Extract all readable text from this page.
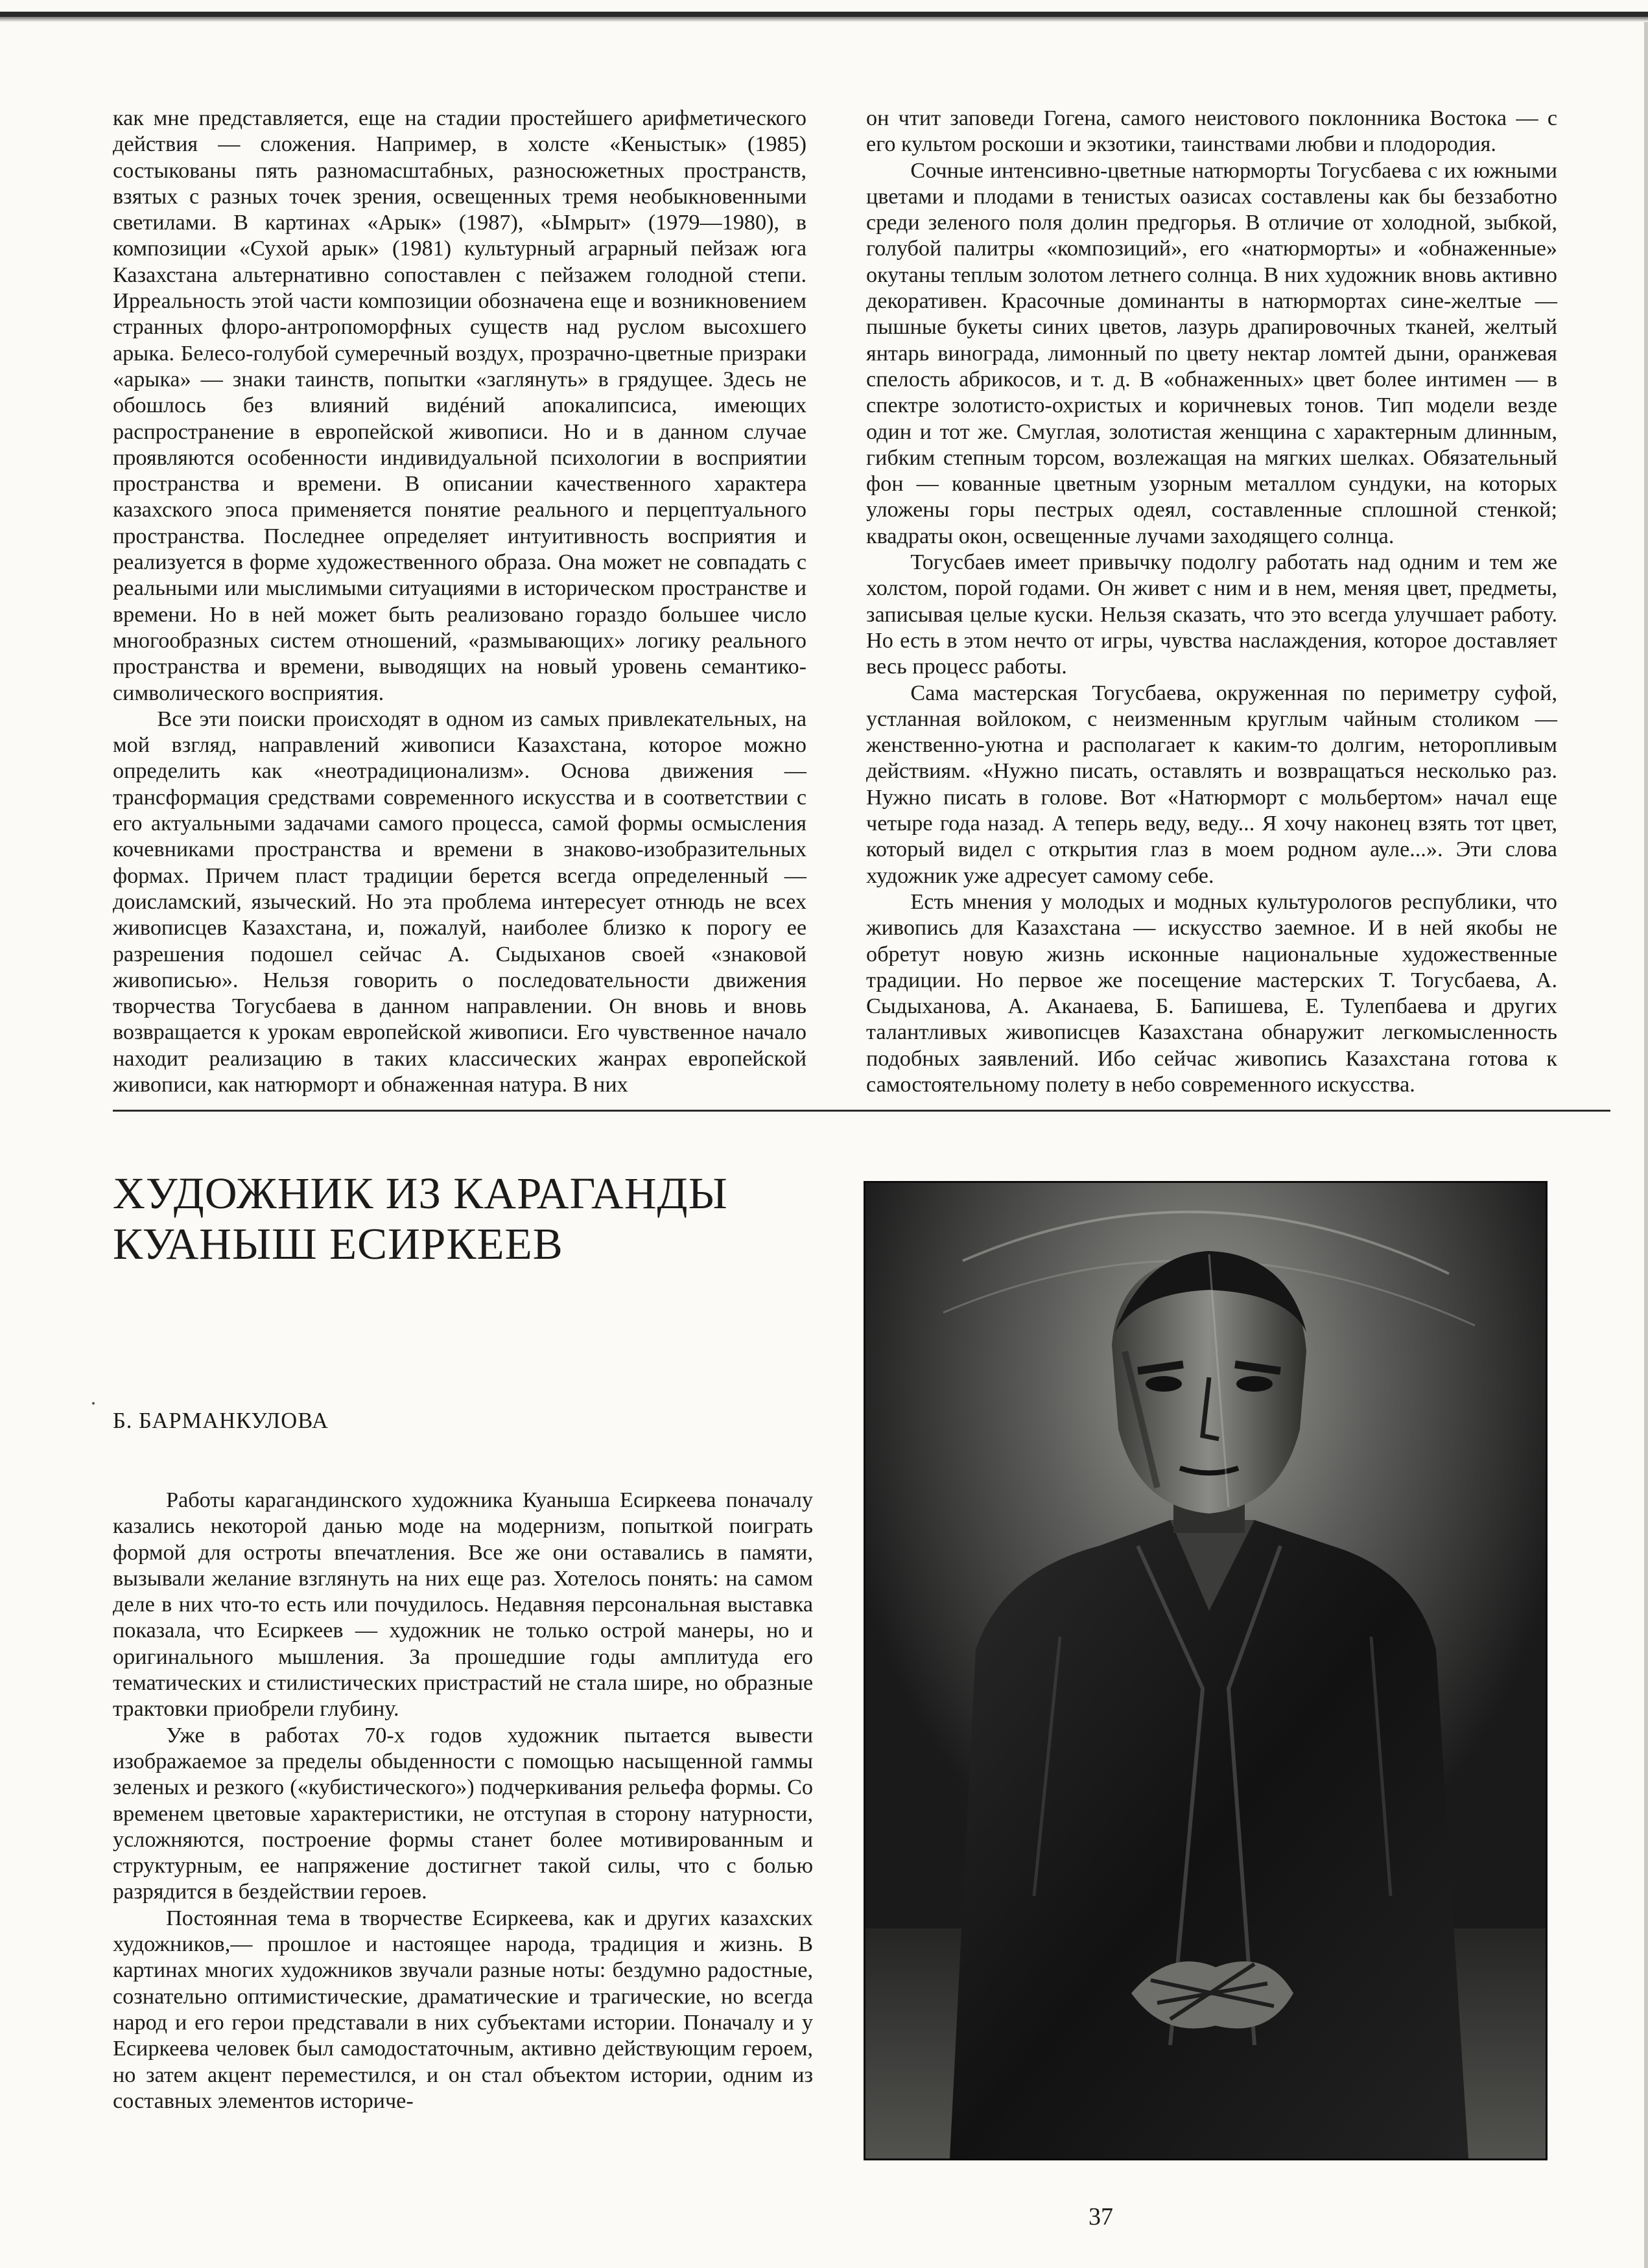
как мне представляется, еще на стадии простейшего арифметического действия — сложения. Например, в холсте «Кеныстык» (1985) состыкованы пять разномасштабных, разносюжетных пространств, взятых с разных точек зрения, освещенных тремя необыкновенными светилами. В картинах «Арык» (1987), «Ымрыт» (1979—1980), в композиции «Сухой арык» (1981) культурный аграрный пейзаж юга Казахстана альтернативно сопоставлен с пейзажем голодной степи. Ирреальность этой части композиции обозначена еще и возникновением странных флоро-антропоморфных существ над руслом высохшего арыка. Белесо-голубой сумеречный воздух, прозрачно-цветные призраки «арыка» — знаки таинств, попытки «заглянуть» в грядущее. Здесь не обошлось без влияний видéний апокалипсиса, имеющих распространение в европейской живописи. Но и в данном случае проявляются особенности индивидуальной психологии в восприятии пространства и времени. В описании качественного характера казахского эпоса применяется понятие реального и перцептуального пространства. Последнее определяет интуитивность восприятия и реализуется в форме художественного образа. Она может не совпадать с реальными или мыслимыми ситуациями в историческом пространстве и времени. Но в ней может быть реализовано гораздо большее число многообразных систем отношений, «размывающих» логику реального пространства и времени, выводящих на новый уровень семантико-символического восприятия.

Все эти поиски происходят в одном из самых привлекательных, на мой взгляд, направлений живописи Казахстана, которое можно определить как «неотрадиционализм». Основа движения — трансформация средствами современного искусства и в соответствии с его актуальными задачами самого процесса, самой формы осмысления кочевниками пространства и времени в знаково-изобразительных формах. Причем пласт традиции берется всегда определенный — доисламский, языческий. Но эта проблема интересует отнюдь не всех живописцев Казахстана, и, пожалуй, наиболее близко к порогу ее разрешения подошел сейчас А. Сыдыханов своей «знаковой живописью». Нельзя говорить о последовательности движения творчества Тогусбаева в данном направлении. Он вновь и вновь возвращается к урокам европейской живописи. Его чувственное начало находит реализацию в таких классических жанрах европейской живописи, как натюрморт и обнаженная натура. В них

он чтит заповеди Гогена, самого неистового поклонника Востока — с его культом роскоши и экзотики, таинствами любви и плодородия.

Сочные интенсивно-цветные натюрморты Тогусбаева с их южными цветами и плодами в тенистых оазисах составлены как бы беззаботно среди зеленого поля долин предгорья. В отличие от холодной, зыбкой, голубой палитры «композиций», его «натюрморты» и «обнаженные» окутаны теплым золотом летнего солнца. В них художник вновь активно декоративен. Красочные доминанты в натюрмортах сине-желтые — пышные букеты синих цветов, лазурь драпировочных тканей, желтый янтарь винограда, лимонный по цвету нектар ломтей дыни, оранжевая спелость абрикосов, и т. д. В «обнаженных» цвет более интимен — в спектре золотисто-охристых и коричневых тонов. Тип модели везде один и тот же. Смуглая, золотистая женщина с характерным длинным, гибким степным торсом, возлежащая на мягких шелках. Обязательный фон — кованные цветным узорным металлом сундуки, на которых уложены горы пестрых одеял, составленные сплошной стенкой; квадраты окон, освещенные лучами заходящего солнца.

Тогусбаев имеет привычку подолгу работать над одним и тем же холстом, порой годами. Он живет с ним и в нем, меняя цвет, предметы, записывая целые куски. Нельзя сказать, что это всегда улучшает работу. Но есть в этом нечто от игры, чувства наслаждения, которое доставляет весь процесс работы.

Сама мастерская Тогусбаева, окруженная по периметру суфой, устланная войлоком, с неизменным круглым чайным столиком — женственно-уютна и располагает к каким-то долгим, неторопливым действиям. «Нужно писать, оставлять и возвращаться несколько раз. Нужно писать в голове. Вот «Натюрморт с мольбертом» начал еще четыре года назад. А теперь веду, веду... Я хочу наконец взять тот цвет, который видел с открытия глаз в моем родном ауле...». Эти слова художник уже адресует самому себе.

Есть мнения у молодых и модных культурологов республики, что живопись для Казахстана — искусство заемное. И в ней якобы не обретут новую жизнь исконные национальные художественные традиции. Но первое же посещение мастерских Т. Тогусбаева, А. Сыдыханова, А. Аканаева, Б. Бапишева, Е. Тулепбаева и других талантливых живописцев Казахстана обнаружит легкомысленность подобных заявлений. Ибо сейчас живопись Казахстана готова к самостоятельному полету в небо современного искусства.

ХУДОЖНИК ИЗ КАРАГАНДЫ
КУАНЫШ ЕСИРКЕЕВ
Б. БАРМАНКУЛОВА

Работы карагандинского художника Куаныша Есиркеева поначалу казались некоторой данью моде на модернизм, попыткой поиграть формой для остроты впечатления. Все же они оставались в памяти, вызывали желание взглянуть на них еще раз. Хотелось понять: на самом деле в них что-то есть или почудилось. Недавняя персональная выставка показала, что Есиркеев — художник не только острой манеры, но и оригинального мышления. За прошедшие годы амплитуда его тематических и стилистических пристрастий не стала шире, но образные трактовки приобрели глубину.

Уже в работах 70-х годов художник пытается вывести изображаемое за пределы обыденности с помощью насыщенной гаммы зеленых и резкого («кубистического») подчеркивания рельефа формы. Со временем цветовые характеристики, не отступая в сторону натурности, усложняются, построение формы станет более мотивированным и структурным, ее напряжение достигнет такой силы, что с болью разрядится в бездействии героев.

Постоянная тема в творчестве Есиркеева, как и других казахских художников,— прошлое и настоящее народа, традиция и жизнь. В картинах многих художников звучали разные ноты: бездумно радостные, сознательно оптимистические, драматические и трагические, но всегда народ и его герои представали в них субъектами истории. Поначалу и у Есиркеева человек был самодостаточным, активно действующим героем, но затем акцент переместился, и он стал объектом истории, одним из составных элементов историче-

37
